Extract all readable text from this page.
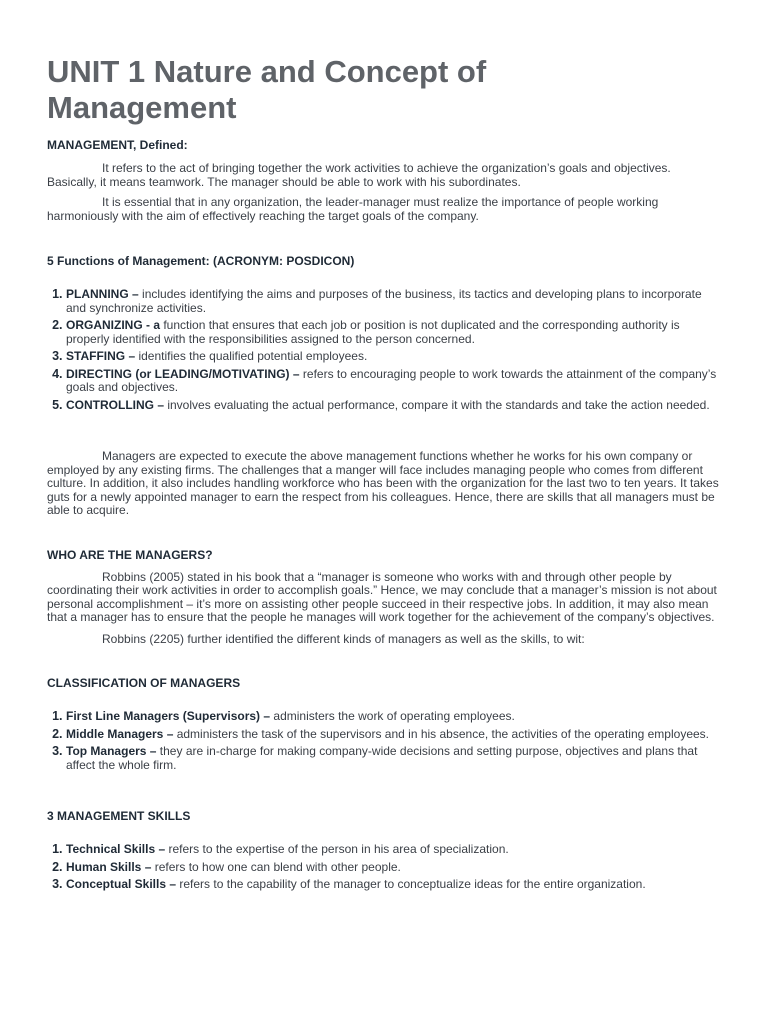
UNIT 1 Nature and Concept of Management
MANAGEMENT, Defined:

It refers to the act of bringing together the work activities to achieve the organization’s goals and objectives. Basically, it means teamwork. The manager should be able to work with his subordinates.

It is essential that in any organization, the leader-manager must realize the importance of people working harmoniously with the aim of effectively reaching the target goals of the company.

5 Functions of Management: (ACRONYM: POSDICON)
1. PLANNING – includes identifying the aims and purposes of the business, its tactics and developing plans to incorporate and synchronize activities.
2. ORGANIZING - a function that ensures that each job or position is not duplicated and the corresponding authority is properly identified with the responsibilities assigned to the person concerned.
3. STAFFING – identifies the qualified potential employees.
4. DIRECTING (or LEADING/MOTIVATING) – refers to encouraging people to work towards the attainment of the company’s goals and objectives.
5. CONTROLLING – involves evaluating the actual performance, compare it with the standards and take the action needed.

Managers are expected to execute the above management functions whether he works for his own company or employed by any existing firms. The challenges that a manger will face includes managing people who comes from different culture. In addition, it also includes handling workforce who has been with the organization for the last two to ten years. It takes guts for a newly appointed manager to earn the respect from his colleagues. Hence, there are skills that all managers must be able to acquire.

WHO ARE THE MANAGERS?

Robbins (2005) stated in his book that a “manager is someone who works with and through other people by coordinating their work activities in order to accomplish goals.” Hence, we may conclude that a manager’s mission is not about personal accomplishment – it’s more on assisting other people succeed in their respective jobs. In addition, it may also mean that a manager has to ensure that the people he manages will work together for the achievement of the company’s objectives.

Robbins (2205) further identified the different kinds of managers as well as the skills, to wit:

CLASSIFICATION OF MANAGERS
1. First Line Managers (Supervisors) – administers the work of operating employees.
2. Middle Managers – administers the task of the supervisors and in his absence, the activities of the operating employees.
3. Top Managers – they are in-charge for making company-wide decisions and setting purpose, objectives and plans that affect the whole firm.
3 MANAGEMENT SKILLS
1. Technical Skills – refers to the expertise of the person in his area of specialization.
2. Human Skills – refers to how one can blend with other people.
3. Conceptual Skills – refers to the capability of the manager to conceptualize ideas for the entire organization.
